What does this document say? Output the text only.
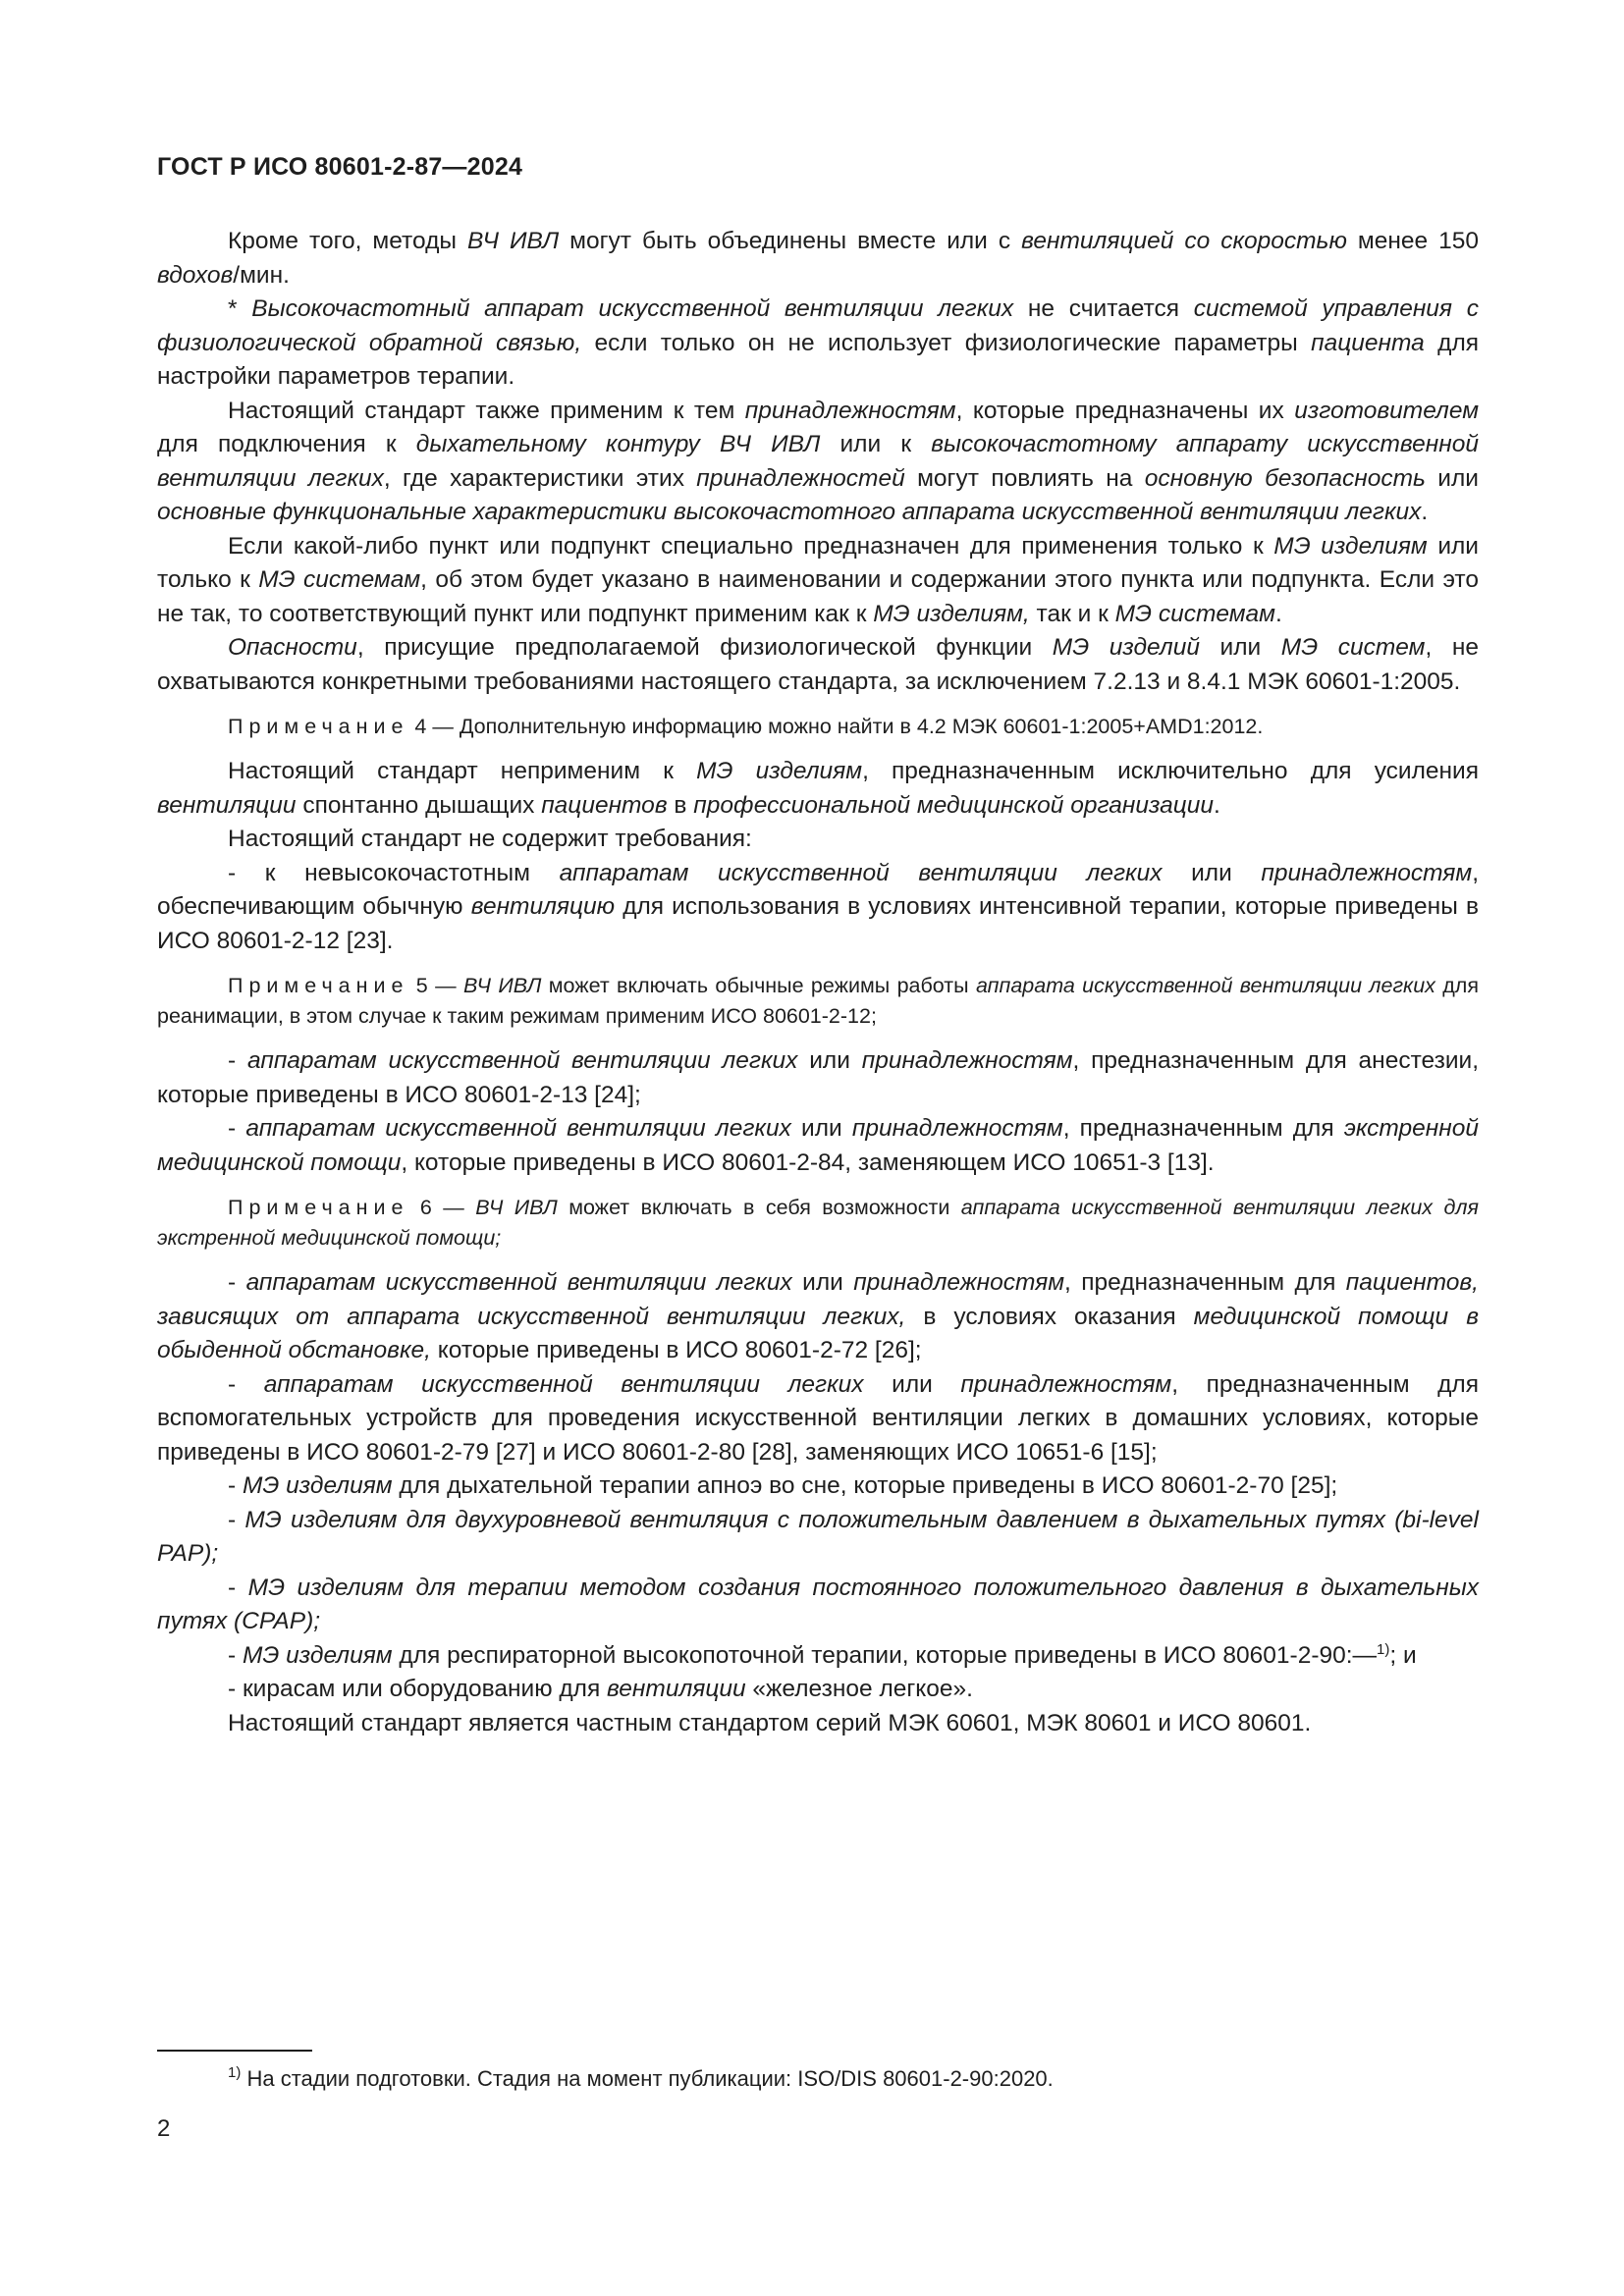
ГОСТ Р ИСО 80601-2-87—2024

Кроме того, методы ВЧ ИВЛ могут быть объединены вместе или с вентиляцией со скоростью менее 150 вдохов/мин.

* Высокочастотный аппарат искусственной вентиляции легких не считается системой управления с физиологической обратной связью, если только он не использует физиологические параметры пациента для настройки параметров терапии.

Настоящий стандарт также применим к тем принадлежностям, которые предназначены их изготовителем для подключения к дыхательному контуру ВЧ ИВЛ или к высокочастотному аппарату искусственной вентиляции легких, где характеристики этих принадлежностей могут повлиять на основную безопасность или основные функциональные характеристики высокочастотного аппарата искусственной вентиляции легких.

Если какой-либо пункт или подпункт специально предназначен для применения только к МЭ изделиям или только к МЭ системам, об этом будет указано в наименовании и содержании этого пункта или подпункта. Если это не так, то соответствующий пункт или подпункт применим как к МЭ изделиям, так и к МЭ системам.

Опасности, присущие предполагаемой физиологической функции МЭ изделий или МЭ систем, не охватываются конкретными требованиями настоящего стандарта, за исключением 7.2.13 и 8.4.1 МЭК 60601-1:2005.

Примечание 4 — Дополнительную информацию можно найти в 4.2 МЭК 60601-1:2005+AMD1:2012.

Настоящий стандарт неприменим к МЭ изделиям, предназначенным исключительно для усиления вентиляции спонтанно дышащих пациентов в профессиональной медицинской организации.

Настоящий стандарт не содержит требования:

- к невысокочастотным аппаратам искусственной вентиляции легких или принадлежностям, обеспечивающим обычную вентиляцию для использования в условиях интенсивной терапии, которые приведены в ИСО 80601-2-12 [23].

Примечание 5 — ВЧ ИВЛ может включать обычные режимы работы аппарата искусственной вентиляции легких для реанимации, в этом случае к таким режимам применим ИСО 80601-2-12;

- аппаратам искусственной вентиляции легких или принадлежностям, предназначенным для анестезии, которые приведены в ИСО 80601-2-13 [24];

- аппаратам искусственной вентиляции легких или принадлежностям, предназначенным для экстренной медицинской помощи, которые приведены в ИСО 80601-2-84, заменяющем ИСО 10651-3 [13].

Примечание 6 — ВЧ ИВЛ может включать в себя возможности аппарата искусственной вентиляции легких для экстренной медицинской помощи;

- аппаратам искусственной вентиляции легких или принадлежностям, предназначенным для пациентов, зависящих от аппарата искусственной вентиляции легких, в условиях оказания медицинской помощи в обыденной обстановке, которые приведены в ИСО 80601-2-72 [26];

- аппаратам искусственной вентиляции легких или принадлежностям, предназначенным для вспомогательных устройств для проведения искусственной вентиляции легких в домашних условиях, которые приведены в ИСО 80601-2-79 [27] и ИСО 80601-2-80 [28], заменяющих ИСО 10651-6 [15];

- МЭ изделиям для дыхательной терапии апноэ во сне, которые приведены в ИСО 80601-2-70 [25];

- МЭ изделиям для двухуровневой вентиляция с положительным давлением в дыхательных путях (bi-level PAP);

- МЭ изделиям для терапии методом создания постоянного положительного давления в дыхательных путях (CPAP);

- МЭ изделиям для респираторной высокопоточной терапии, которые приведены в ИСО 80601-2-90:—$^{1)}$; и

- кирасам или оборудованию для вентиляции «железное легкое».

Настоящий стандарт является частным стандартом серий МЭК 60601, МЭК 80601 и ИСО 80601.

$^{1)}$ На стадии подготовки. Стадия на момент публикации: ISO/DIS 80601-2-90:2020.
2
